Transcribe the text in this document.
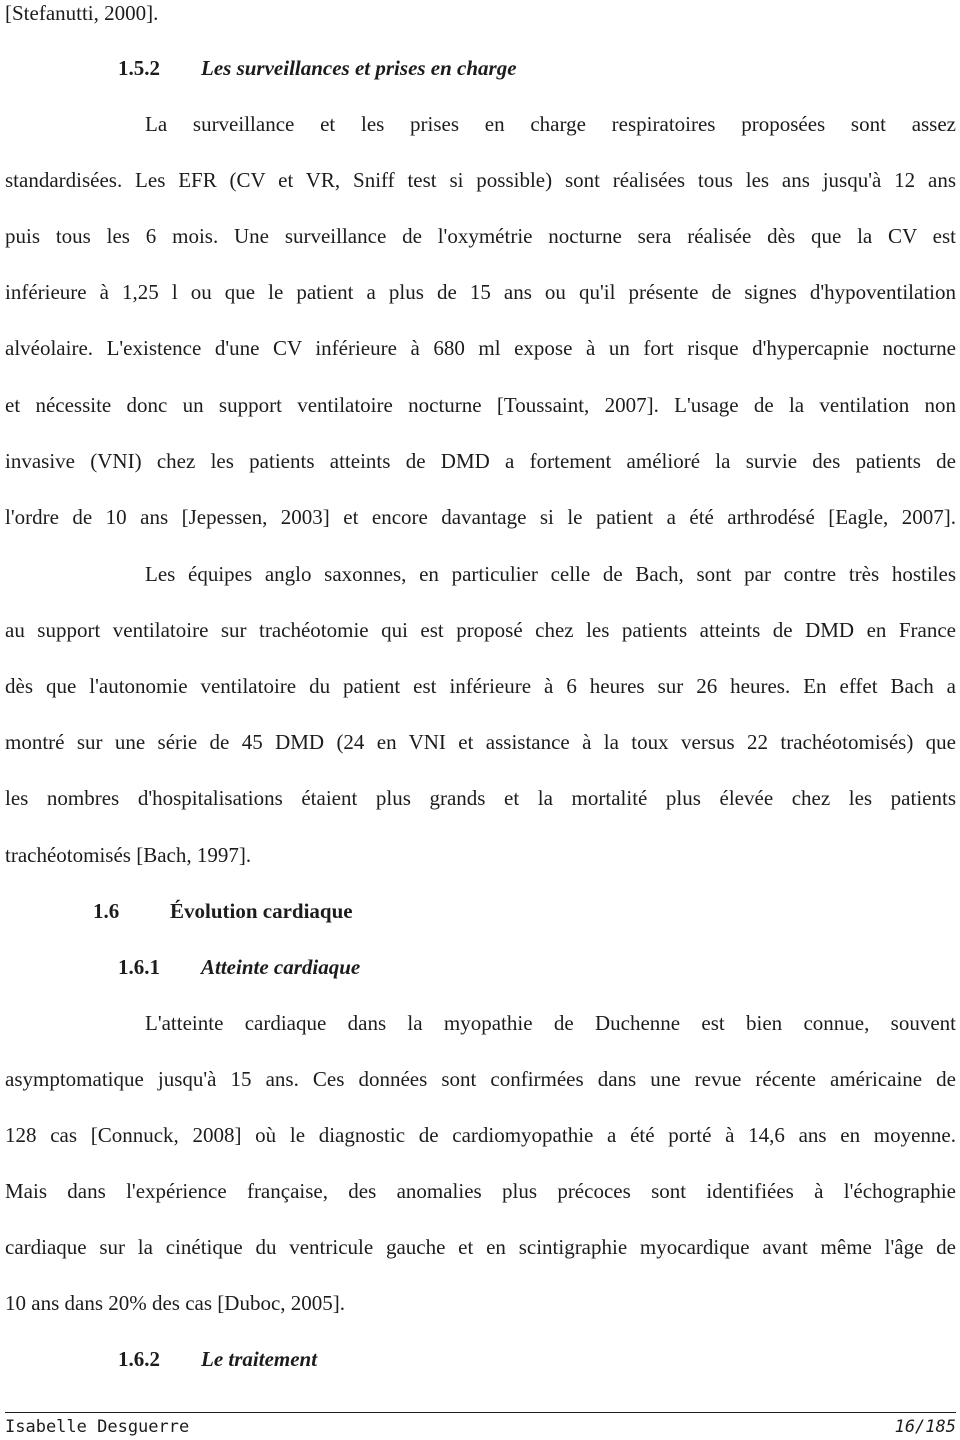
[Stefanutti, 2000].
1.5.2 Les surveillances et prises en charge
La surveillance et les prises en charge respiratoires proposées sont assez
standardisées. Les EFR (CV et VR, Sniff test si possible) sont réalisées tous les ans jusqu'à 12 ans
puis tous les 6 mois. Une surveillance de l'oxymétrie nocturne sera réalisée dès que la CV est
inférieure à 1,25 l ou que le patient a plus de 15 ans ou qu'il présente de signes d'hypoventilation
alvéolaire. L'existence d'une CV inférieure à 680 ml expose à un fort risque d'hypercapnie nocturne
et nécessite donc un support ventilatoire nocturne [Toussaint, 2007]. L'usage de la ventilation non
invasive (VNI) chez les patients atteints de DMD a fortement amélioré la survie des patients de
l'ordre de 10 ans [Jepessen, 2003] et encore davantage si le patient a été arthrodésé [Eagle, 2007].
Les équipes anglo saxonnes, en particulier celle de Bach, sont par contre très hostiles
au support ventilatoire sur trachéotomie qui est proposé chez les patients atteints de DMD en France
dès que l'autonomie ventilatoire du patient est inférieure à 6 heures sur 26 heures. En effet Bach a
montré sur une série de 45 DMD (24 en VNI et assistance à la toux versus 22 trachéotomisés) que
les nombres d'hospitalisations étaient plus grands et la mortalité plus élevée chez les patients
trachéotomisés [Bach, 1997].
1.6 Évolution cardiaque
1.6.1 Atteinte cardiaque
L'atteinte cardiaque dans la myopathie de Duchenne est bien connue, souvent
asymptomatique jusqu'à 15 ans. Ces données sont confirmées dans une revue récente américaine de
128 cas [Connuck, 2008] où le diagnostic de cardiomyopathie a été porté à 14,6 ans en moyenne.
Mais dans l'expérience française, des anomalies plus précoces sont identifiées à l'échographie
cardiaque sur la cinétique du ventricule gauche et en scintigraphie myocardique avant même l'âge de
10 ans dans 20% des cas [Duboc, 2005].
1.6.2 Le traitement
Isabelle Desguerre	16/185
